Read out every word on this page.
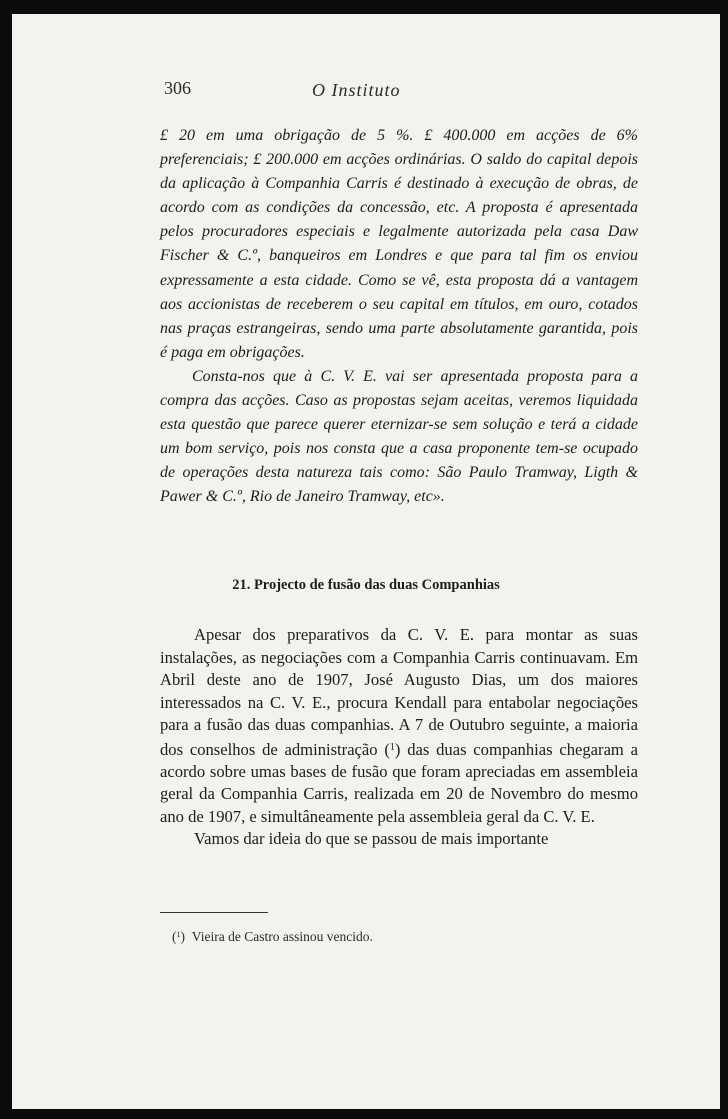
306	O Instituto

£ 20 em uma obrigação de 5 %. £ 400.000 em acções de 6% preferenciais; £ 200.000 em acções ordinárias. O saldo do capital depois da aplicação à Companhia Carris é destinado à execução de obras, de acordo com as condições da concessão, etc. A proposta é apresentada pelos procuradores especiais e legalmente autorizada pela casa Daw Fischer & C.º, banqueiros em Londres e que para tal fim os enviou expressamente a esta cidade. Como se vê, esta proposta dá a vantagem aos accionistas de receberem o seu capital em títulos, em ouro, cotados nas praças estrangeiras, sendo uma parte absolutamente garantida, pois é paga em obrigações.

Consta-nos que à C. V. E. vai ser apresentada proposta para a compra das acções. Caso as propostas sejam aceitas, veremos liquidada esta questão que parece querer eternizar-se sem solução e terá a cidade um bom serviço, pois nos consta que a casa proponente tem-se ocupado de operações desta natureza tais como: São Paulo Tramway, Ligth & Pawer & C.º, Rio de Janeiro Tramway, etc».

21. Projecto de fusão das duas Companhias

Apesar dos preparativos da C. V. E. para montar as suas instalações, as negociações com a Companhia Carris continuavam. Em Abril deste ano de 1907, José Augusto Dias, um dos maiores interessados na C. V. E., procura Kendall para entabolar negociações para a fusão das duas companhias. A 7 de Outubro seguinte, a maioria dos conselhos de administração ($^1$) das duas companhias chegaram a acordo sobre umas bases de fusão que foram apreciadas em assembleia geral da Companhia Carris, realizada em 20 de Novembro do mesmo ano de 1907, e simultâneamente pela assembleia geral da C. V. E.

Vamos dar ideia do que se passou de mais importante

($^1$)  Vieira de Castro assinou vencido.
